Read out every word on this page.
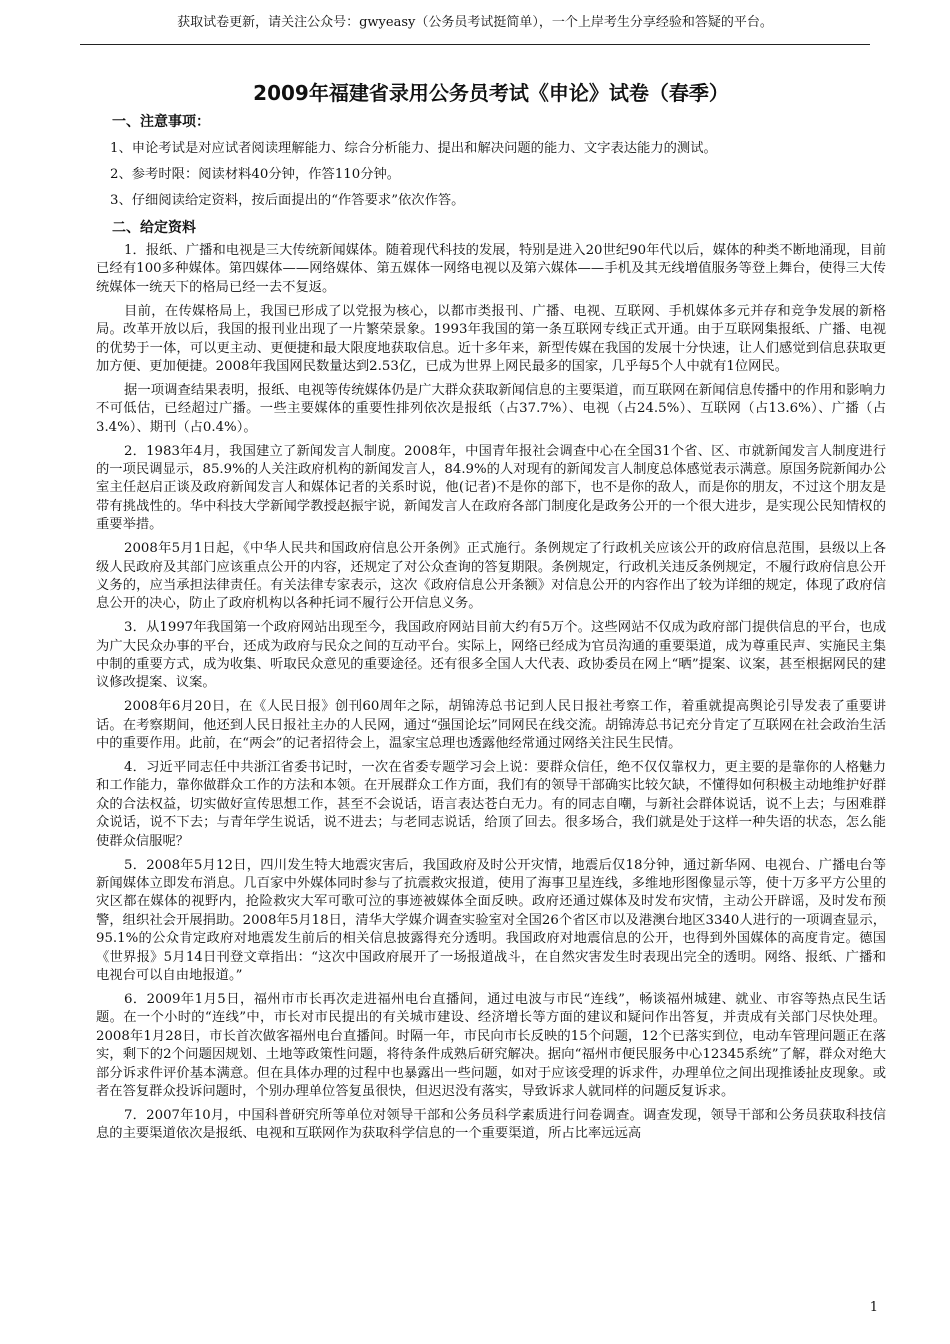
获取试卷更新，请关注公众号：gwyeasy（公务员考试挺简单），一个上岸考生分享经验和答疑的平台。
2009年福建省录用公务员考试《申论》试卷（春季）
一、注意事项：
1、申论考试是对应试者阅读理解能力、综合分析能力、提出和解决问题的能力、文字表达能力的测试。
2、参考时限：阅读材料40分钟，作答110分钟。
3、仔细阅读给定资料，按后面提出的“作答要求”依次作答。
二、给定资料

1．报纸、广播和电视是三大传统新闻媒体。随着现代科技的发展，特别是进入20世纪90年代以后，媒体的种类不断地涌现，目前已经有100多种媒体。第四媒体——网络媒体、第五媒体一网络电视以及第六媒体——手机及其无线增值服务等登上舞台，使得三大传统媒体一统天下的格局已经一去不复返。

目前，在传媒格局上，我国已形成了以党报为核心，以都市类报刊、广播、电视、互联网、手机媒体多元并存和竞争发展的新格局。改革开放以后，我国的报刊业出现了一片繁荣景象。1993年我国的第一条互联网专线正式开通。由于互联网集报纸、广播、电视的优势于一体，可以更主动、更便捷和最大限度地获取信息。近十多年来，新型传媒在我国的发展十分快速，让人们感觉到信息获取更加方便、更加便捷。2008年我国网民数量达到2.53亿，已成为世界上网民最多的国家，几乎每5个人中就有1位网民。

据一项调查结果表明，报纸、电视等传统媒体仍是广大群众获取新闻信息的主要渠道，而互联网在新闻信息传播中的作用和影响力不可低估，已经超过广播。一些主要媒体的重要性排列依次是报纸（占37.7%）、电视（占24.5%）、互联网（占13.6%）、广播（占3.4%）、期刊（占0.4%）。

2．1983年4月，我国建立了新闻发言人制度。2008年，中国青年报社会调查中心在全国31个省、区、市就新闻发言人制度进行的一项民调显示，85.9%的人关注政府机构的新闻发言人，84.9%的人对现有的新闻发言人制度总体感觉表示满意。原国务院新闻办公室主任赵启正谈及政府新闻发言人和媒体记者的关系时说，他(记者)不是你的部下，也不是你的敌人，而是你的朋友，不过这个朋友是带有挑战性的。华中科技大学新闻学教授赵振宇说，新闻发言人在政府各部门制度化是政务公开的一个很大进步，是实现公民知情权的重要举措。

2008年5月1日起，《中华人民共和国政府信息公开条例》正式施行。条例规定了行政机关应该公开的政府信息范围，县级以上各级人民政府及其部门应该重点公开的内容，还规定了对公众查询的答复期限。条例规定，行政机关违反条例规定，不履行政府信息公开义务的，应当承担法律责任。有关法律专家表示，这次《政府信息公开条额》对信息公开的内容作出了较为详细的规定，体现了政府信息公开的决心，防止了政府机构以各种托词不履行公开信息义务。

3．从1997年我国第一个政府网站出现至今，我国政府网站目前大约有5万个。这些网站不仅成为政府部门提供信息的平台，也成为广大民众办事的平台，还成为政府与民众之间的互动平台。实际上，网络已经成为官员沟通的重要渠道，成为尊重民声、实施民主集中制的重要方式，成为收集、听取民众意见的重要途径。还有很多全国人大代表、政协委员在网上“晒”提案、议案，甚至根据网民的建议修改提案、议案。

2008年6月20日，在《人民日报》创刊60周年之际，胡锦涛总书记到人民日报社考察工作，着重就提高舆论引导发表了重要讲话。在考察期间，他还到人民日报社主办的人民网，通过“强国论坛”同网民在线交流。胡锦涛总书记充分肯定了互联网在社会政治生活中的重要作用。此前，在“两会”的记者招待会上，温家宝总理也透露他经常通过网络关注民生民情。

4．习近平同志任中共浙江省委书记时，一次在省委专题学习会上说：要群众信任，绝不仅仅靠权力，更主要的是靠你的人格魅力和工作能力，靠你做群众工作的方法和本领。在开展群众工作方面，我们有的领导干部确实比较欠缺，不懂得如何积极主动地维护好群众的合法权益，切实做好宣传思想工作，甚至不会说话，语言表达苍白无力。有的同志自嘲，与新社会群体说话，说不上去；与困难群众说话，说不下去；与青年学生说话，说不进去；与老同志说话，给顶了回去。很多场合，我们就是处于这样一种失语的状态，怎么能使群众信服呢？

5．2008年5月12日，四川发生特大地震灾害后，我国政府及时公开灾情，地震后仅18分钟，通过新华网、电视台、广播电台等新闻媒体立即发布消息。几百家中外媒体同时参与了抗震救灾报道，使用了海事卫星连线，多维地形图像显示等，使十万多平方公里的灾区都在媒体的视野内，抢险救灾大军可歌可泣的事迹被媒体全面反映。政府还通过媒体及时发布灾情，主动公开辟谣，及时发布预警，组织社会开展捐助。2008年5月18日，清华大学媒介调查实验室对全国26个省区市以及港澳台地区3340人进行的一项调查显示，95.1%的公众肯定政府对地震发生前后的相关信息披露得充分透明。我国政府对地震信息的公开，也得到外国媒体的高度肯定。德国《世界报》5月14日刊登文章指出：“这次中国政府展开了一场报道战斗，在自然灾害发生时表现出完全的透明。网络、报纸、广播和电视台可以自由地报道。”

6．2009年1月5日，福州市市长再次走进福州电台直播间，通过电波与市民“连线”，畅谈福州城建、就业、市容等热点民生话题。在一个小时的“连线”中，市长对市民提出的有关城市建设、经济增长等方面的建议和疑问作出答复，并责成有关部门尽快处理。2008年1月28日，市长首次做客福州电台直播间。时隔一年，市民向市长反映的15个问题，12个已落实到位，电动车管理问题正在落实，剩下的2个问题因规划、土地等政策性问题，将待条件成熟后研究解决。据向“福州市便民服务中心12345系统”了解，群众对绝大部分诉求件评价基本满意。但在具体办理的过程中也暴露出一些问题，如对于应该受理的诉求件，办理单位之间出现推诿扯皮现象。或者在答复群众投诉问题时，个别办理单位答复虽很快，但迟迟没有落实，导致诉求人就同样的问题反复诉求。

7．2007年10月，中国科普研究所等单位对领导干部和公务员科学素质进行问卷调查。调查发现，领导干部和公务员获取科技信息的主要渠道依次是报纸、电视和互联网作为获取科学信息的一个重要渠道，所占比率远远高

1
